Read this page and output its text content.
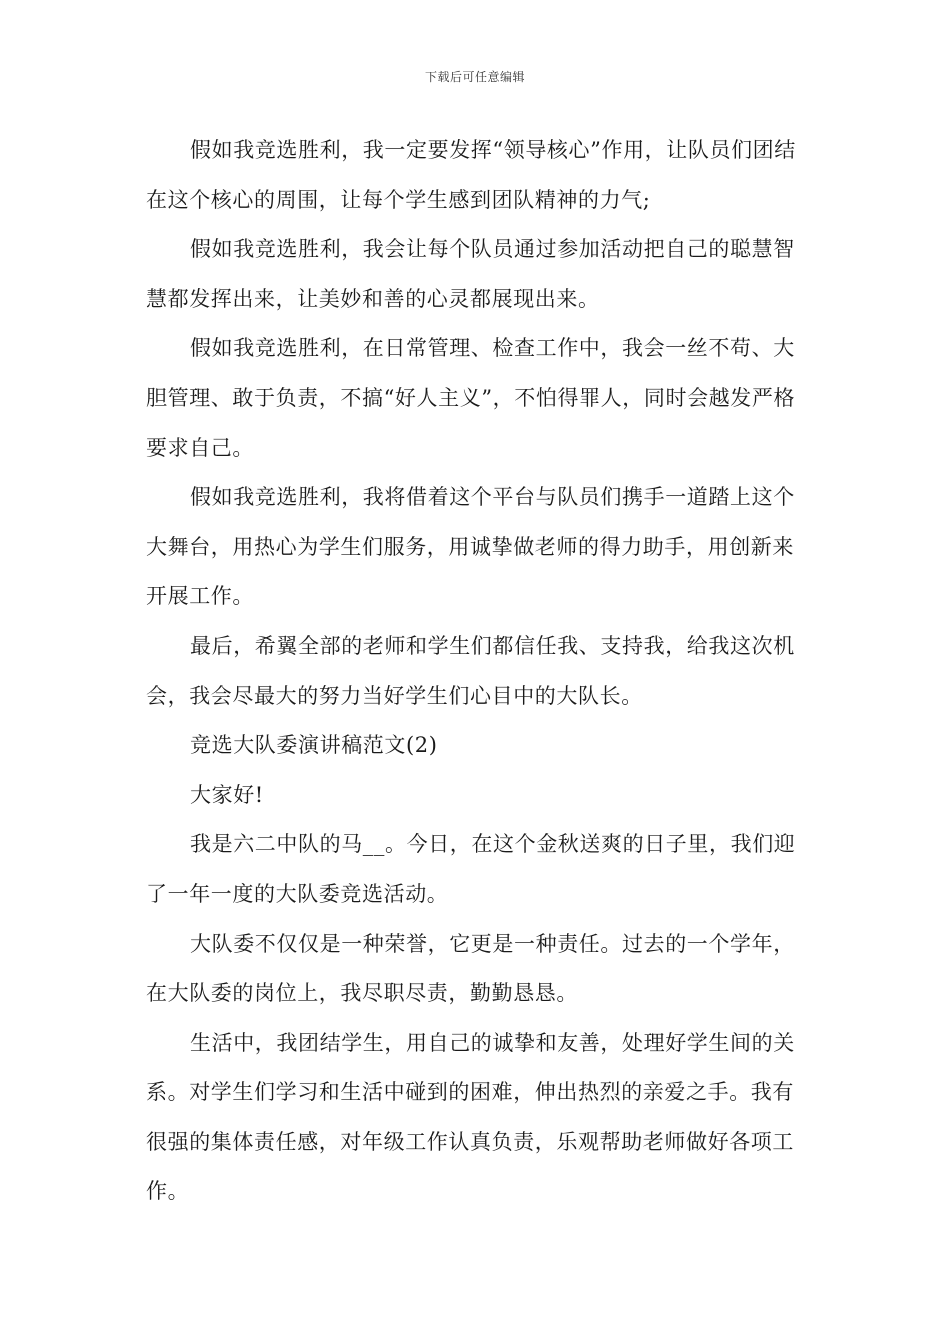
下载后可任意编辑

假如我竞选胜利，我一定要发挥“领导核心”作用，让队员们团结在这个核心的周围，让每个学生感到团队精神的力气;

假如我竞选胜利，我会让每个队员通过参加活动把自己的聪慧智慧都发挥出来，让美妙和善的心灵都展现出来。

假如我竞选胜利，在日常管理、检查工作中，我会一丝不苟、大胆管理、敢于负责，不搞“好人主义”，不怕得罪人，同时会越发严格要求自己。

假如我竞选胜利，我将借着这个平台与队员们携手一道踏上这个大舞台，用热心为学生们服务，用诚挚做老师的得力助手，用创新来开展工作。

最后，希翼全部的老师和学生们都信任我、支持我，给我这次机会，我会尽最大的努力当好学生们心目中的大队长。

竞选大队委演讲稿范文(2)

大家好!

我是六二中队的马__。今日，在这个金秋送爽的日子里，我们迎了一年一度的大队委竞选活动。

大队委不仅仅是一种荣誉，它更是一种责任。过去的一个学年，在大队委的岗位上，我尽职尽责，勤勤恳恳。

生活中，我团结学生，用自己的诚挚和友善，处理好学生间的关系。对学生们学习和生活中碰到的困难，伸出热烈的亲爱之手。我有很强的集体责任感，对年级工作认真负责，乐观帮助老师做好各项工作。
